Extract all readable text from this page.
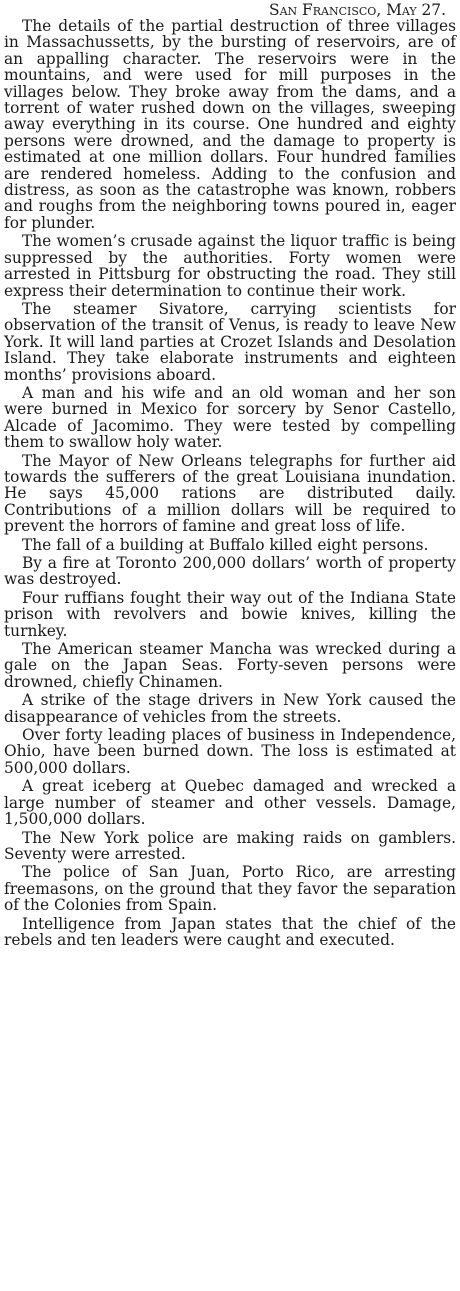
San Francisco, May 27.

The details of the partial destruction of three villages in Massachussetts, by the bursting of reservoirs, are of an appalling character. The reservoirs were in the mountains, and were used for mill purposes in the villages below. They broke away from the dams, and a torrent of water rushed down on the villages, sweeping away everything in its course. One hundred and eighty persons were drowned, and the damage to property is estimated at one million dollars. Four hundred families are rendered homeless. Adding to the confusion and distress, as soon as the catastrophe was known, robbers and roughs from the neighboring towns poured in, eager for plunder.

The women’s crusade against the liquor traffic is being suppressed by the authorities. Forty women were arrested in Pittsburg for obstructing the road. They still express their determination to continue their work.

The steamer Sivatore, carrying scientists for observation of the transit of Venus, is ready to leave New York. It will land parties at Crozet Islands and Desolation Island. They take elaborate instruments and eighteen months’ provisions aboard.

A man and his wife and an old woman and her son were burned in Mexico for sorcery by Senor Castello, Alcade of Jacomimo. They were tested by compelling them to swallow holy water.

The Mayor of New Orleans telegraphs for further aid towards the sufferers of the great Louisiana inundation. He says 45,000 rations are distributed daily. Contributions of a million dollars will be required to prevent the horrors of famine and great loss of life.

The fall of a building at Buffalo killed eight persons.

By a fire at Toronto 200,000 dollars’ worth of property was destroyed.

Four ruffians fought their way out of the Indiana State prison with revolvers and bowie knives, killing the turnkey.

The American steamer Mancha was wrecked during a gale on the Japan Seas. Forty-seven persons were drowned, chiefly Chinamen.

A strike of the stage drivers in New York caused the disappearance of vehicles from the streets.

Over forty leading places of business in Independence, Ohio, have been burned down. The loss is estimated at 500,000 dollars.

A great iceberg at Quebec damaged and wrecked a large number of steamer and other vessels. Damage, 1,500,000 dollars.

The New York police are making raids on gamblers. Seventy were arrested.

The police of San Juan, Porto Rico, are arresting freemasons, on the ground that they favor the separation of the Colonies from Spain.

Intelligence from Japan states that the chief of the rebels and ten leaders were caught and executed.
